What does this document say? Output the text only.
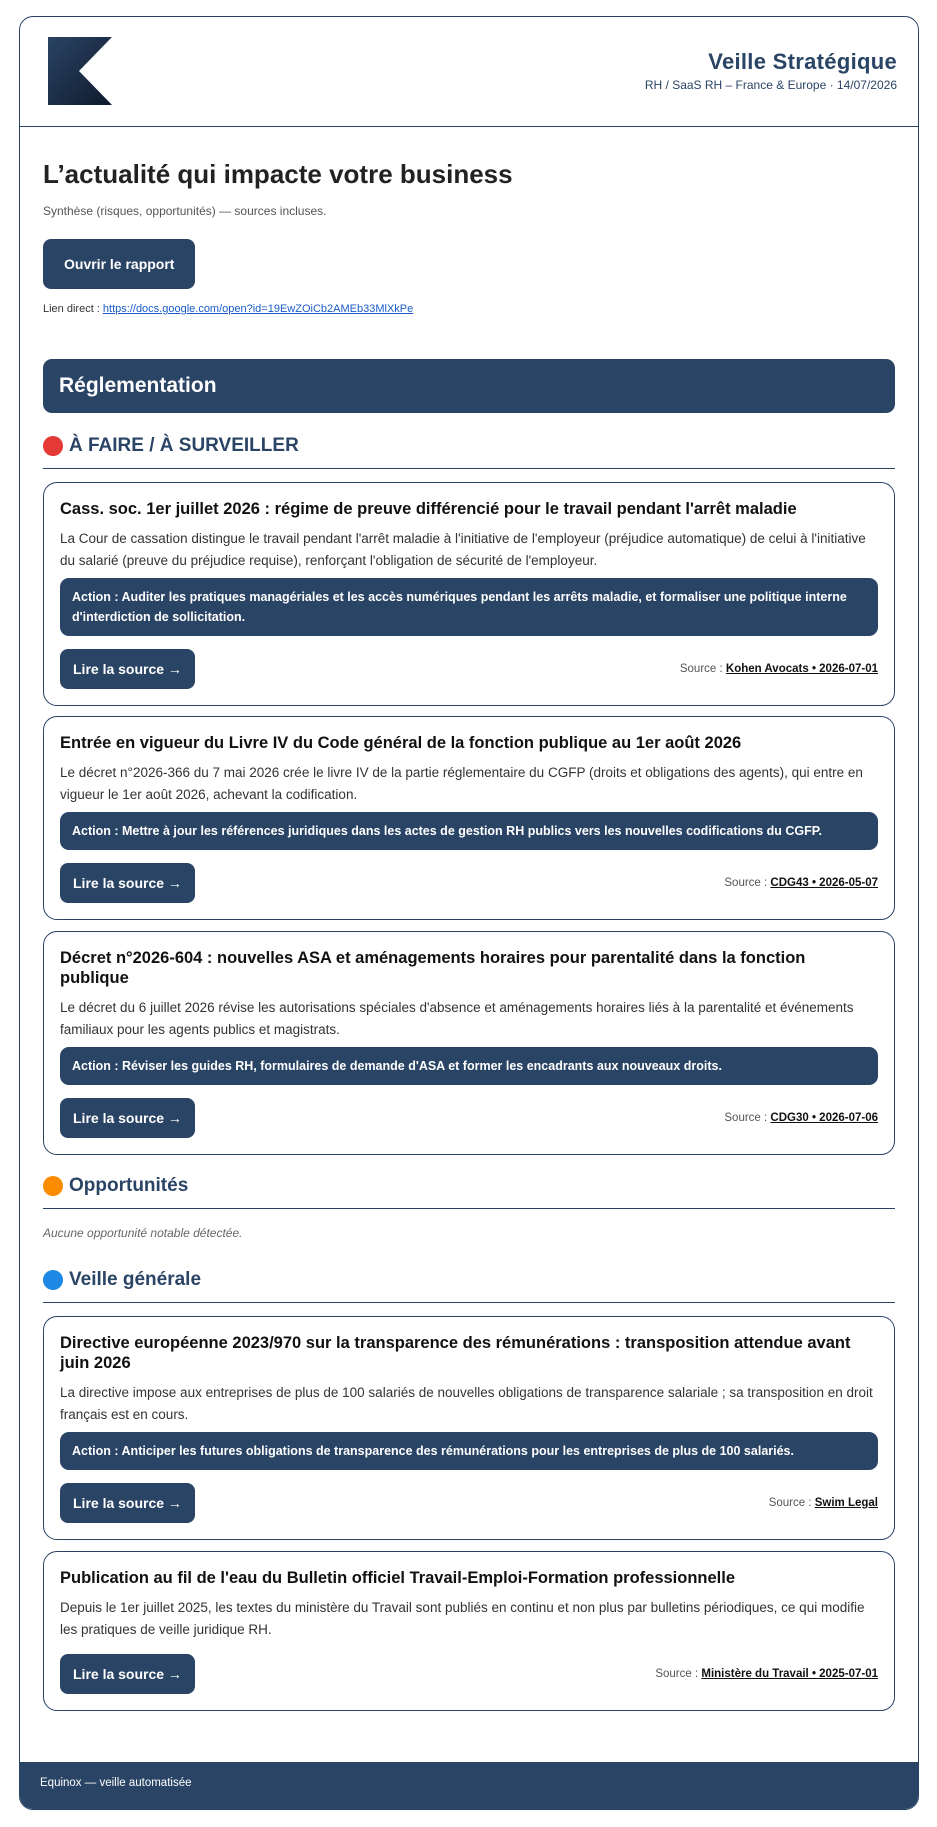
Veille Stratégique
RH / SaaS RH – France & Europe · 14/07/2026
L’actualité qui impacte votre business
Synthèse (risques, opportunités) — sources incluses.
Ouvrir le rapport
Lien direct : https://docs.google.com/open?id=19EwZOiCb2AMEb33MlXkPe
Réglementation
À FAIRE / À SURVEILLER
Cass. soc. 1er juillet 2026 : régime de preuve différencié pour le travail pendant l'arrêt maladie
La Cour de cassation distingue le travail pendant l'arrêt maladie à l'initiative de l'employeur (préjudice automatique) de celui à l'initiative du salarié (preuve du préjudice requise), renforçant l'obligation de sécurité de l'employeur.
Action : Auditer les pratiques managériales et les accès numériques pendant les arrêts maladie, et formaliser une politique interne d'interdiction de sollicitation.
Lire la source →	Source : Kohen Avocats • 2026-07-01
Entrée en vigueur du Livre IV du Code général de la fonction publique au 1er août 2026
Le décret n°2026-366 du 7 mai 2026 crée le livre IV de la partie réglementaire du CGFP (droits et obligations des agents), qui entre en vigueur le 1er août 2026, achevant la codification.
Action : Mettre à jour les références juridiques dans les actes de gestion RH publics vers les nouvelles codifications du CGFP.
Lire la source →	Source : CDG43 • 2026-05-07
Décret n°2026-604 : nouvelles ASA et aménagements horaires pour parentalité dans la fonction publique
Le décret du 6 juillet 2026 révise les autorisations spéciales d'absence et aménagements horaires liés à la parentalité et événements familiaux pour les agents publics et magistrats.
Action : Réviser les guides RH, formulaires de demande d'ASA et former les encadrants aux nouveaux droits.
Lire la source →	Source : CDG30 • 2026-07-06
Opportunités
Aucune opportunité notable détectée.
Veille générale
Directive européenne 2023/970 sur la transparence des rémunérations : transposition attendue avant juin 2026
La directive impose aux entreprises de plus de 100 salariés de nouvelles obligations de transparence salariale ; sa transposition en droit français est en cours.
Action : Anticiper les futures obligations de transparence des rémunérations pour les entreprises de plus de 100 salariés.
Lire la source →	Source : Swim Legal
Publication au fil de l'eau du Bulletin officiel Travail-Emploi-Formation professionnelle
Depuis le 1er juillet 2025, les textes du ministère du Travail sont publiés en continu et non plus par bulletins périodiques, ce qui modifie les pratiques de veille juridique RH.
Lire la source →	Source : Ministère du Travail • 2025-07-01
Equinox — veille automatisée
